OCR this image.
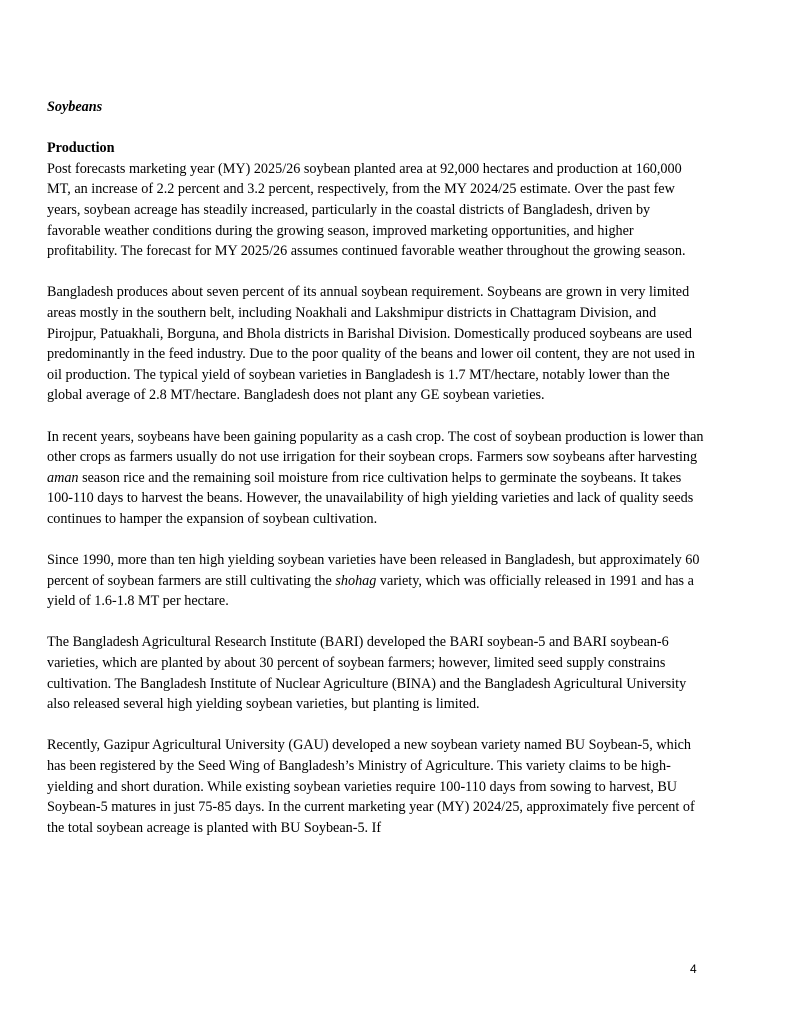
Soybeans
Production

Post forecasts marketing year (MY) 2025/26 soybean planted area at 92,000 hectares and production at 160,000 MT, an increase of 2.2 percent and 3.2 percent, respectively, from the MY 2024/25 estimate. Over the past few years, soybean acreage has steadily increased, particularly in the coastal districts of Bangladesh, driven by favorable weather conditions during the growing season, improved marketing opportunities, and higher profitability. The forecast for MY 2025/26 assumes continued favorable weather throughout the growing season.

Bangladesh produces about seven percent of its annual soybean requirement. Soybeans are grown in very limited areas mostly in the southern belt, including Noakhali and Lakshmipur districts in Chattagram Division, and Pirojpur, Patuakhali, Borguna, and Bhola districts in Barishal Division. Domestically produced soybeans are used predominantly in the feed industry. Due to the poor quality of the beans and lower oil content, they are not used in oil production. The typical yield of soybean varieties in Bangladesh is 1.7 MT/hectare, notably lower than the global average of 2.8 MT/hectare. Bangladesh does not plant any GE soybean varieties.

In recent years, soybeans have been gaining popularity as a cash crop. The cost of soybean production is lower than other crops as farmers usually do not use irrigation for their soybean crops. Farmers sow soybeans after harvesting aman season rice and the remaining soil moisture from rice cultivation helps to germinate the soybeans. It takes 100-110 days to harvest the beans. However, the unavailability of high yielding varieties and lack of quality seeds continues to hamper the expansion of soybean cultivation.

Since 1990, more than ten high yielding soybean varieties have been released in Bangladesh, but approximately 60 percent of soybean farmers are still cultivating the shohag variety, which was officially released in 1991 and has a yield of 1.6-1.8 MT per hectare.

The Bangladesh Agricultural Research Institute (BARI) developed the BARI soybean-5 and BARI soybean-6 varieties, which are planted by about 30 percent of soybean farmers; however, limited seed supply constrains cultivation. The Bangladesh Institute of Nuclear Agriculture (BINA) and the Bangladesh Agricultural University also released several high yielding soybean varieties, but planting is limited.

Recently, Gazipur Agricultural University (GAU) developed a new soybean variety named BU Soybean-5, which has been registered by the Seed Wing of Bangladesh’s Ministry of Agriculture. This variety claims to be high-yielding and short duration. While existing soybean varieties require 100-110 days from sowing to harvest, BU Soybean-5 matures in just 75-85 days. In the current marketing year (MY) 2024/25, approximately five percent of the total soybean acreage is planted with BU Soybean-5. If

4
